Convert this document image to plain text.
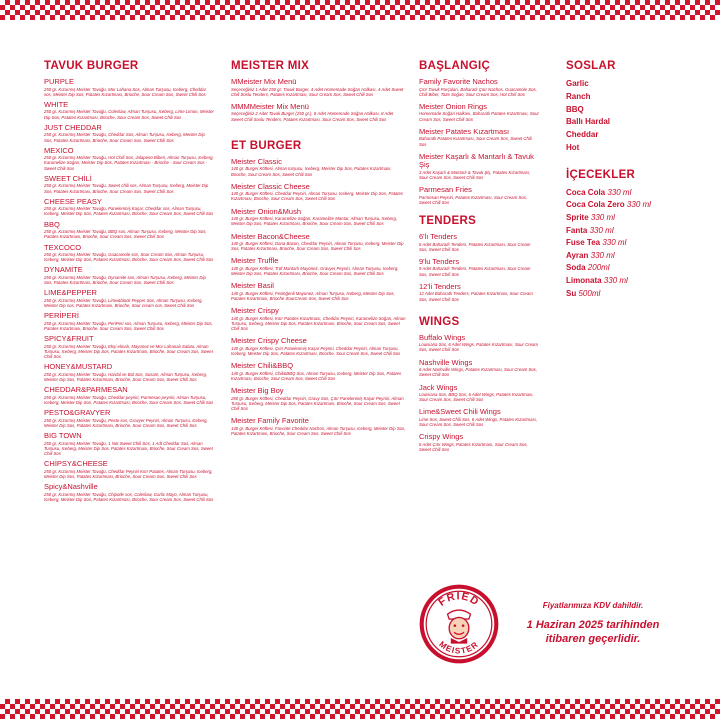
TAVUK BURGER
PURPLE
250 gr. Kızarmış Meister Tavuğu, Mor Lahana Sos, Alman Turşusu, Iceberg, Cheddar sos, Meister Dip Sos, Patates Kızartması, Brioche, Sour Cream Sos, Sweet Chili Sos
WHITE
250 gr. Kızarmış Meister Tavuğu, Coleslaw, Alman Turşusu, Iceberg, Lime Limon, Meister Dip Sos, Patates Kızartması, Brioche, Sour Cream Sos, Sweet Chili Sos
JUST CHEDDAR
250 gr. Kızarmış Meister Tavuğu, Cheddar Sos, Alman Turşusu, Iceberg, Meister Dip Sos, Patates Kızartması, Brioche, Sour Cream Sos, Sweet Chili Sos
MEXICO
250 gr. Kızarmış Meister Tavuğu, Hot Chili Sos, Jalapeno Biberi, Alman Turşusu, Iceberg, Karamelize Soğan, Meister Dip Sos, Patates Kızartması - Brioche - Sour Cream Sos - Sweet Chili Sos
SWEET CHİLİ
250 gr. Kızarmış Meister Tavuğu, Sweet chili sos, Alman Turşusu, Iceberg, Meister Dip Sos, Patates Kızartması, Brioche, Sour Cream Sos, Sweet Chili Sos
CHEESE PEASY
250 gr. Kızarmış Meister Tavuğu, Panelenmiş Kaşar, Cheddar sos, Alman Turşusu, Iceberg, Meister Dip Sos, Patates Kızartması, Brioche, Sour Cream Sos, Sweet Chili Sos
BBQ
250 gr. Kızarmış Meister Tavuğu, BBQ sos, Alman Turşusu, Iceberg, Meister Dip Sos, Patates Kızartması, Brioche, Sour Cream Sos, Sweet Chili Sos
TEXCOCO
250 gr. Kızarmış Meister Tavuğu, Guacamole sos, Sour Cream Sos, Alman Turşusu, Iceberg, Meister Dip Sos, Patates Kızartması, Brioche, Sour Cream Sos, Sweet Chili Sos
DYNAMİTE
250 gr. Kızarmış Meister Tavuğu, Dynamite sos, Alman Turşusu, Iceberg, Meister Dip Sos, Patates Kızartması, Brioche, Sour Cream Sos, Sweet Chili Sos
LIME&PEPPER
250 gr. Kızarmış Meister Tavuğu, Lime&black Pepper Sos, Alman Turşusu, Iceberg, Meister Dip sos, Patates Kızartması, Brioche, Sour cream sos, Sweet Chili Sos
PERİPERİ
250 gr. Kızarmış Meister Tavuğu, PeriPeri sos, Alman Turşusu, Iceberg, Meister Dip Sos, Patates Kızartması, Brioche, Sour Cream Sos, Sweet Chili Sos
SPICY&FRUIT
250 gr. Kızarmış Meister Tavuğu, Ekşi elmalı, Mayonez ve Mor Lahanalı Salata, Alman Turşusu, Iceberg, Meister Dip Sos, Patates Kızartması, Brioche, Sour Cream Sos, Sweet Chili Sos
HONEY&MUSTARD
250 gr. Kızarmış Meister Tavuğu, Hardal ve Bal Sos, Susam, Alman Turşusu, Iceberg, Meister Dip Sos, Patates Kızartması, Brioche, Sour Cream Sos, Sweet Chili Sos
CHEDDAR&PARMESAN
250 gr. Kızarmış Meister Tavuğu, Cheddar peyniri, Parmesan peyniri, Alman Turşusu, Iceberg, Meister Dip Sos, Patates Kızartması, Brioche, Sour Cream Sos, Sweet Chili Sos
PESTO&GRAVYER
250 gr. Kızarmış Meister Tavuğu, Pesto sos, Gravyer Peyniri, Alman Turşusu, Iceberg, Meister Dip Sos, Patates Kızartması, Brioche, Sour Cream Sos, Sweet Chili Sos
BIG TOWN
250 gr. Kızarmış Meister Tavuğu, 1 Not Sweet Chili Sos, 1 Adt Cheddar Sos, Alman Turşusu, Iceberg, Meister Dip Sos, Patates Kızartması, Brioche, Sour Cream Sos, Sweet Chili Sos
CHİPSY&CHEESE
250 gr. Kızarmış Meister Tavuğu, Cheddar Peyniri Kıtır Patates, Alman Turşusu, Iceberg, Meister Dip Sos, Patates Kızartması, Brioche, Sour Cream Sos, Sweet Chili Sos
Spicy&Nashville
250 gr. Kızarmış Meister Tavuğu, Chipotle sos, Coleslaw, Garlic Mayo, Alman Turşusu, Iceberg, Meister Dip Sos, Patates Kızartması, Brioche, Sour Cream Sos, Sweet Chili Sos
MEISTER MIX
MMeister Mix Menü
Seçeceğiniz 1 Adet 250 gr. Tavuk Burger, 4 Adet Homemade Soğan Halkası, 4 Adet Sweet Chili Soslu Tenders, Patates Kızartması, Sour Cream Sos, Sweet Chili Sos
MMMMeister Mix Menü
Seçeceğiniz 2 Adet Tavuk Burger (250 gr.), 8 Adet Homemade Soğan Halkası, 8 Adet Sweet Chili Soslu Tenders, Patates Kızartması, Sour Cream Sos, Sweet Chili Sos
ET BURGER
Meister Classic
140 gr. Burger Köftesi, Alman turşusu, Iceberg, Meister Dip Sos, Patates Kızartması, Brioche, Sour Cream Sos, Sweet Chili Sos
Meister Classic Cheese
140 gr. Burger Köftesi, Cheddar Peyniri, Alman Turşusu, Iceberg, Meister Dip Sos, Patates Kızartması, Brioche, Sour Cream Sos, Sweet Chili Sos
Meister Onion&Mush
140 gr. Burger Köftesi, Karamelize Soğan, Karamelize Mantar, Alman Turşusu, Iceberg, Meister Dip Sos, Patates Kızartması, Brioche, Sour Cream Sos, Sweet Chili Sos
Meister Bacon&Cheese
140 gr. Burger Köftesi, Dana Bacon, Cheddar Peyniri, Alman Turşusu, Iceberg, Meister Dip Sos, Patates Kızartması, Brioche, Sour Cream Sos, Sweet Chili Sos
Meister Truffle
140 gr. Burger Köftesi, Trüf Mantarlı Mayonez, Gravyer Peyniri, Alman Turşusu, Iceberg, Meister Dip Sos, Patates Kızartması, Brioche, Sour Cream Sos, Sweet Chili Sos
Meister Basil
140 gr. Burger Köftesi, Fesleğenli Mayonez, Alman Turşusu, Iceberg, Meister Dip Sos, Patates Kızartması, Brioche SourCream Sos, Sweet Chili Sos
Meister Crispy
140 gr. Burger Köftesi, Kıtır Patates Kızartması, Cheddar Peyniri, Karamelize Soğan, Alman Turşusu, Iceberg, Meister Dip Sos, Patates Kızartması, Brioche, Sour Cream Sos, Sweet Chili Sos
Meister Crispy Cheese
140 gr. Burger Köftesi, Çıtır Panelenmiş Kaşar Peyniri, Cheddar Peyniri, Alman Turşusu, Iceberg, Meister Dip Sos, Patates Kızartması, Brioche, Sour Cream Sos, Sweet Chili Sos
Meister Chili&BBQ
140 gr. Burger Köftesi, Chili&BBQ Sos, Alman Turşusu, Iceberg, Meister Dip Sos, Patates Kızartması, Brioche, Sour Cream Sos, Sweet Chili Sos
Meister Big Boy
280 gr. Burger Köftesi, Cheddar Peyniri, Gravy Sos, Çıtır Panelenmiş Kaşar Peyniri, Alman Turşusu, Iceberg, Meister Dip Sos, Patates Kızartması, Brioche, Sour Cream Sos, Sweet Chili Sos
Meister Family Favorite
140 gr. Burger Köftesi, Favorite Cheddar Nachos, Alman Turşusu, Iceberg, Meister Dip Sos, Patates Kızartması, Brioche, Sour Cream Sos, Sweet Chili Sos
BAŞLANGIÇ
Family Favorite Nachos
Çıtır Tavuk Parçaları, Baharatlı Çıtır Nachos, Guacamole Sos, Chili Biber, Taze Soğan, Sour Cream Sos, Hot Chili Sos
Meister Onion Rings
Homemade Soğan Halkası, Baharatlı Patates Kızartması, Sour Cream Sos, Sweet Chili Sos
Meister Patates Kızartması
Baharatlı Patates Kızartması, Sour Cream Sos, Sweet Chili Sos
Meister Kaşarlı & Mantarlı & Tavuk Şiş
3 Adet Kaşarlı & Mantarlı & Tavuk Şiş, Patates Kızartması, Sour Cream Sos, Sweet Chili Sos
Parmesan Fries
Parmesan Peyniri, Patates Kızartması, Sour Cream Sos, Sweet Chili Sos
TENDERS
6'lı Tenders
6 Adet Baharatlı Tenders, Patates Kızartması, Sour Cream Sos, Sweet Chili Sos
9'lu Tenders
9 Adet Baharatlı Tenders, Patates Kızartması, Sour Cream Sos, Sweet Chili Sos
12'li Tenders
12 Adet Baharatlı Tenders, Patates Kızartması, Sour Cream Sos, Sweet Chili Sos
WINGS
Buffalo Wings
Louisiana Sos, 6 Adet Wings, Patates Kızartması, Sour Cream Sos, Sweet Chili Sos
Nashville Wings
6 Adet Nashville Wings, Patates Kızartması, Sour Cream Sos, Sweet Chili Sos
Jack Wings
Louisiana Sos, BBQ Sos, 6 Adet Wings, Patates Kızartması, Sour Cream Sos, Sweet Chili Sos
Lime&Sweet Chili Wings
Lime Sos, Sweet Chili Sos, 6 Adet Wings, Patates Kızartması, Sour Cream Sos, Sweet Chili Sos
Crispy Wings
6 Adet Çıtır Wings, Patates Kızartması, Sour Cream Sos, Sweet Chili Sos
SOSLAR
Garlic
Ranch
BBQ
Ballı Hardal
Cheddar
Hot
İÇECEKLER
Coca Cola 330 ml
Coca Cola Zero 330 ml
Sprite 330 ml
Fanta 330 ml
Fuse Tea 330 ml
Ayran 330 ml
Soda 200ml
Limonata 330 ml
Su 500ml
FRIED
MEISTER
Fiyatlarımıza KDV dahildir.
1 Haziran 2025 tarihinden itibaren geçerlidir.
